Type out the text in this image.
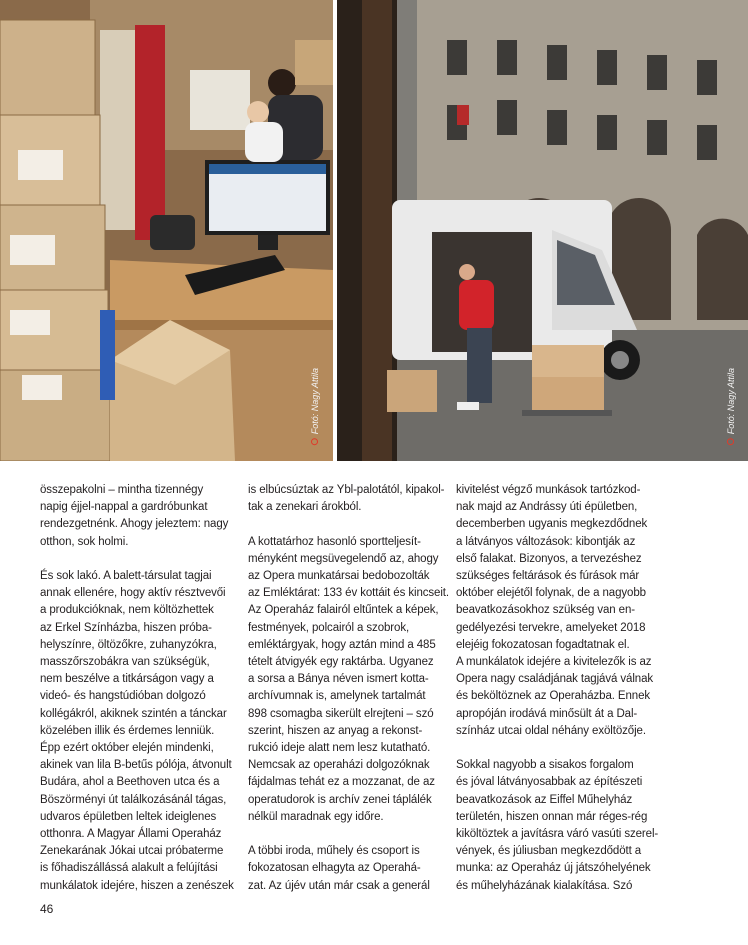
Fotó: Nagy Attila	Fotó: Nagy Attila

összepakolni – mintha tizennégy
napig éjjel-nappal a gardróbunkat
rendezgetnénk. Ahogy jeleztem: nagy
otthon, sok holmi.

És sok lakó. A balett-társulat tagjai
annak ellenére, hogy aktív résztvevői
a produkcióknak, nem költözhettek
az Erkel Színházba, hiszen próba-
helyszínre, öltözőkre, zuhanyzókra,
masszőrszobákra van szükségük,
nem beszélve a titkárságon vagy a
videó- és hangstúdióban dolgozó
kollégákról, akiknek szintén a tánckar
közelében illik és érdemes lenniük.
Épp ezért október elején mindenki,
akinek van lila B-betűs pólója, átvonult
Budára, ahol a Beethoven utca és a
Böszörményi út találkozásánál tágas,
udvaros épületben leltek ideiglenes
otthonra. A Magyar Állami Operaház
Zenekarának Jókai utcai próbaterme
is főhadiszállássá alakult a felújítási
munkálatok idejére, hiszen a zenészek

is elbúcsúztak az Ybl-palotától, kipakol-
tak a zenekari árokból.

A kottatárhoz hasonló sportteljesít-
ményként megsüvegelendő az, ahogy
az Opera munkatársai bedobozolták
az Emléktárat: 133 év kottáit és kincseit.
Az Operaház falairól eltűntek a képek,
festmények, polcairól a szobrok,
emléktárgyak, hogy aztán mind a 485
tételt átvigyék egy raktárba. Ugyanez
a sorsa a Bánya néven ismert kotta-
archívumnak is, amelynek tartalmát
898 csomagba sikerült elrejteni – szó
szerint, hiszen az anyag a rekonst-
rukció ideje alatt nem lesz kutatható.
Nemcsak az operaházi dolgozóknak
fájdalmas tehát ez a mozzanat, de az
operatudorok is archív zenei táplálék
nélkül maradnak egy időre.

A többi iroda, műhely és csoport is
fokozatosan elhagyta az Operahá-
zat. Az újév után már csak a generál

kivitelést végző munkások tartózkod-
nak majd az Andrássy úti épületben,
decemberben ugyanis megkezdődnek
a látványos változások: kibontják az
első falakat. Bizonyos, a tervezéshez
szükséges feltárások és fúrások már
október elejétől folynak, de a nagyobb
beavatkozásokhoz szükség van en-
gedélyezési tervekre, amelyeket 2018
elejéig fokozatosan fogadtatnak el.
A munkálatok idejére a kivitelezők is az
Opera nagy családjának tagjává válnak
és beköltöznek az Operaházba. Ennek
apropóján irodává minősült át a Dal-
színház utcai oldal néhány exöltözője.

Sokkal nagyobb a sisakos forgalom
és jóval látványosabbak az építészeti
beavatkozások az Eiffel Műhelyház
területén, hiszen onnan már réges-rég
kiköltöztek a javításra váró vasúti szerel-
vények, és júliusban megkezdődött a
munka: az Operaház új játszóhelyének
és műhelyházának kialakítása. Szó

46
